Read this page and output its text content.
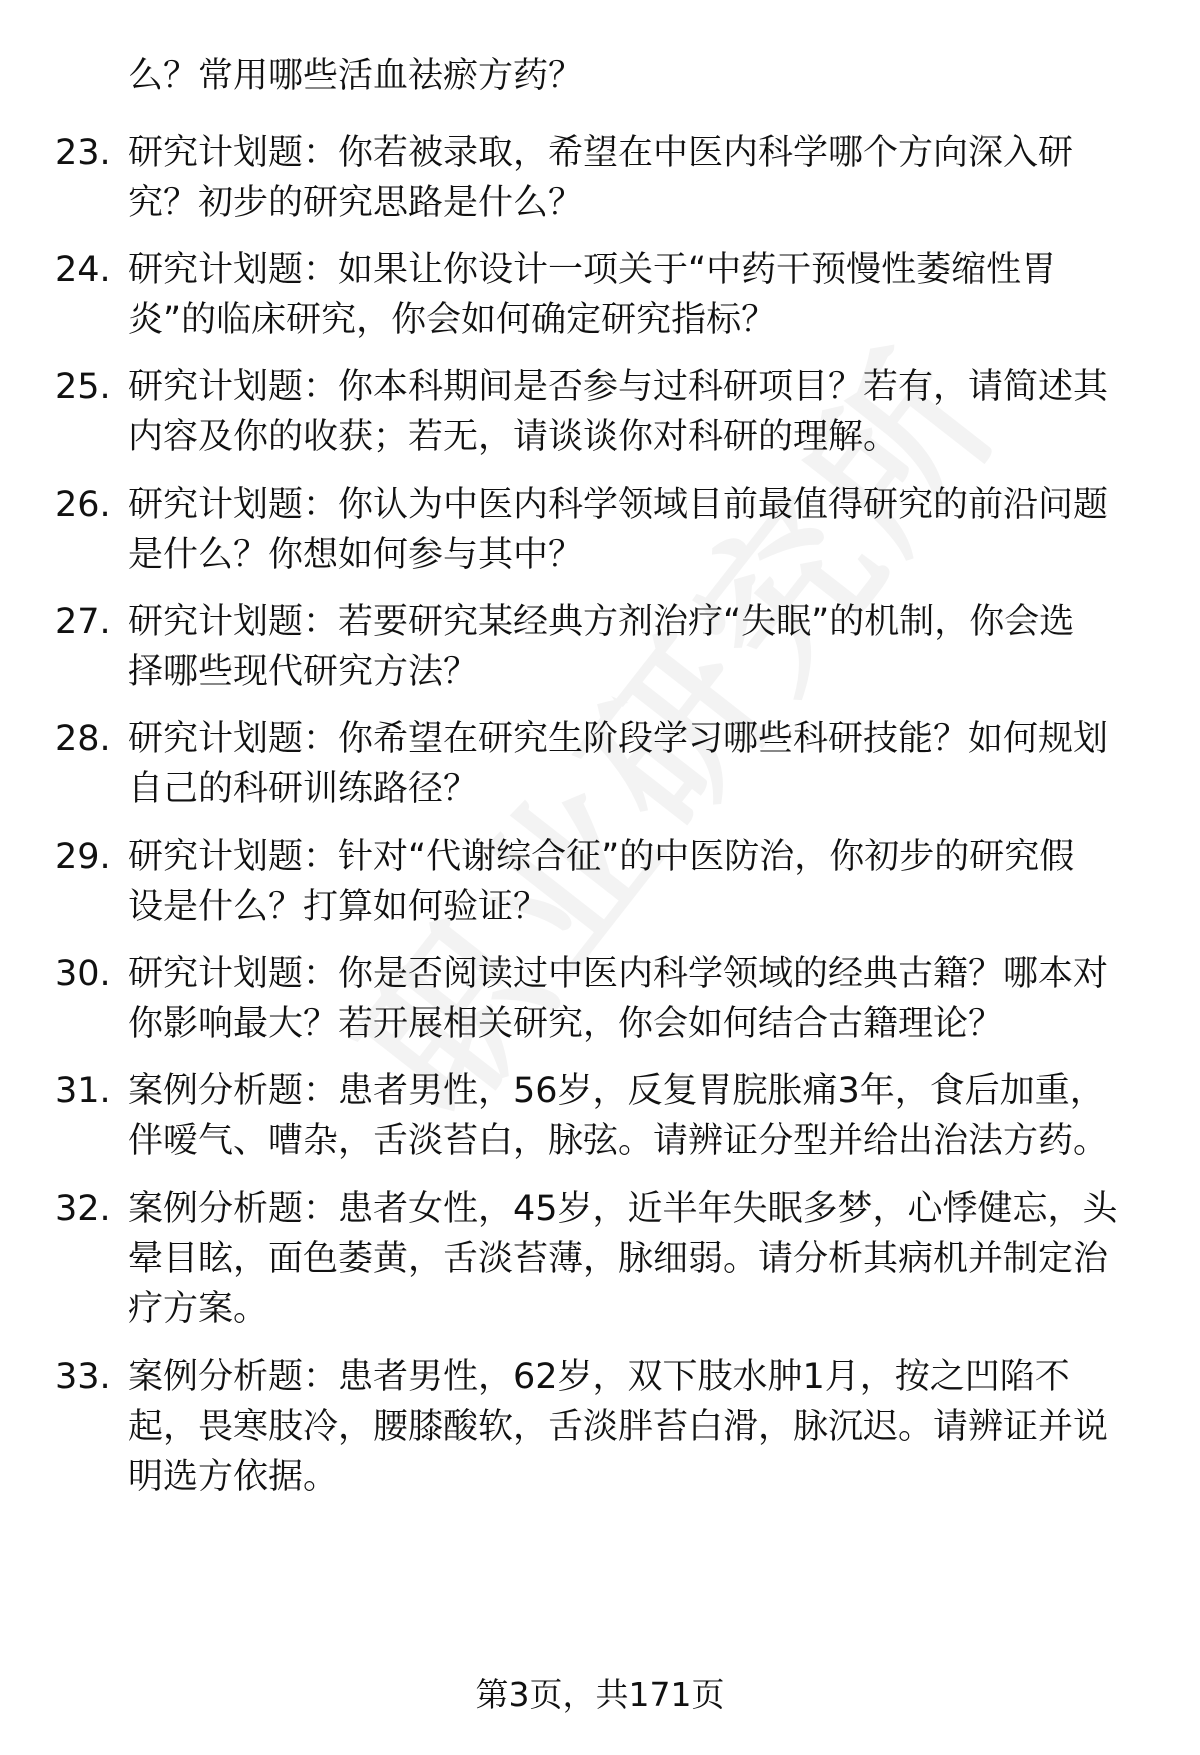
么？常用哪些活血祛瘀方药？
23. 研究计划题：你若被录取，希望在中医内科学哪个方向深入研
究？初步的研究思路是什么？
24. 研究计划题：如果让你设计一项关于“中药干预慢性萎缩性胃
炎”的临床研究，你会如何确定研究指标？
25. 研究计划题：你本科期间是否参与过科研项目？若有，请简述其
内容及你的收获；若无，请谈谈你对科研的理解。
26. 研究计划题：你认为中医内科学领域目前最值得研究的前沿问题
是什么？你想如何参与其中？
27. 研究计划题：若要研究某经典方剂治疗“失眠”的机制，你会选
择哪些现代研究方法？
28. 研究计划题：你希望在研究生阶段学习哪些科研技能？如何规划
自己的科研训练路径？
29. 研究计划题：针对“代谢综合征”的中医防治，你初步的研究假
设是什么？打算如何验证？
30. 研究计划题：你是否阅读过中医内科学领域的经典古籍？哪本对
你影响最大？若开展相关研究，你会如何结合古籍理论？
31. 案例分析题：患者男性，56岁，反复胃脘胀痛3年，食后加重，
伴嗳气、嘈杂，舌淡苔白，脉弦。请辨证分型并给出治法方药。
32. 案例分析题：患者女性，45岁，近半年失眠多梦，心悸健忘，头
晕目眩，面色萎黄，舌淡苔薄，脉细弱。请分析其病机并制定治
疗方案。
33. 案例分析题：患者男性，62岁，双下肢水肿1月，按之凹陷不
起，畏寒肢冷，腰膝酸软，舌淡胖苔白滑，脉沉迟。请辨证并说
明选方依据。
第3页，共171页
